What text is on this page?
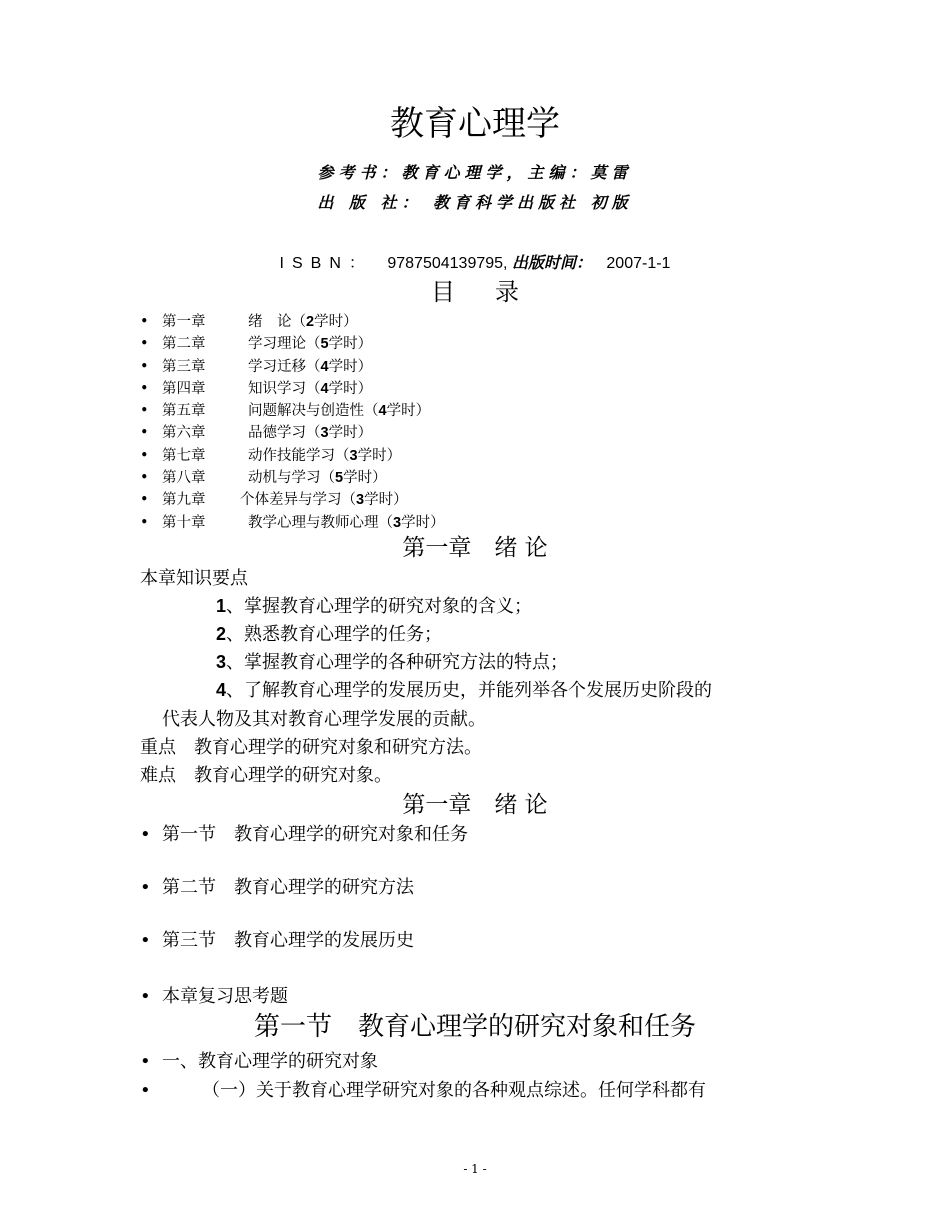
教育心理学
参考书：教育心理学，主编：莫雷
出 版 社： 教育科学出版社 初版
ISBN： 9787504139795, 出版时间： 2007-1-1
目录
• 第一章	绪　论（ 2 学时）
• 第二章	学习理论（ 5 学时）
• 第三章	学习迁移（ 4 学时）
• 第四章	知识学习（ 4 学时）
• 第五章	问题解决与创造性（ 4 学时）
• 第六章	品德学习（ 3 学时）
• 第七章	动作技能学习（ 3 学时）
• 第八章	动机与学习（ 5 学时）
• 第九章	个体差异与学习（ 3 学时）
• 第十章	教学心理与教师心理（ 3 学时）
第一章　绪 论
本章知识要点
1、掌握教育心理学的研究对象的含义；
2、熟悉教育心理学的任务；
3、掌握教育心理学的各种研究方法的特点；
4、了解教育心理学的发展历史，并能列举各个发展历史阶段的
代表人物及其对教育心理学发展的贡献。
重点　教育心理学的研究对象和研究方法。
难点　教育心理学的研究对象。
第一章　绪 论
• 第一节　教育心理学的研究对象和任务
• 第二节　教育心理学的研究方法
• 第三节　教育心理学的发展历史
• 本章复习思考题
第一节　教育心理学的研究对象和任务
• 一、教育心理学的研究对象
•	（一）关于教育心理学研究对象的各种观点综述。任何学科都有
- 1 -
